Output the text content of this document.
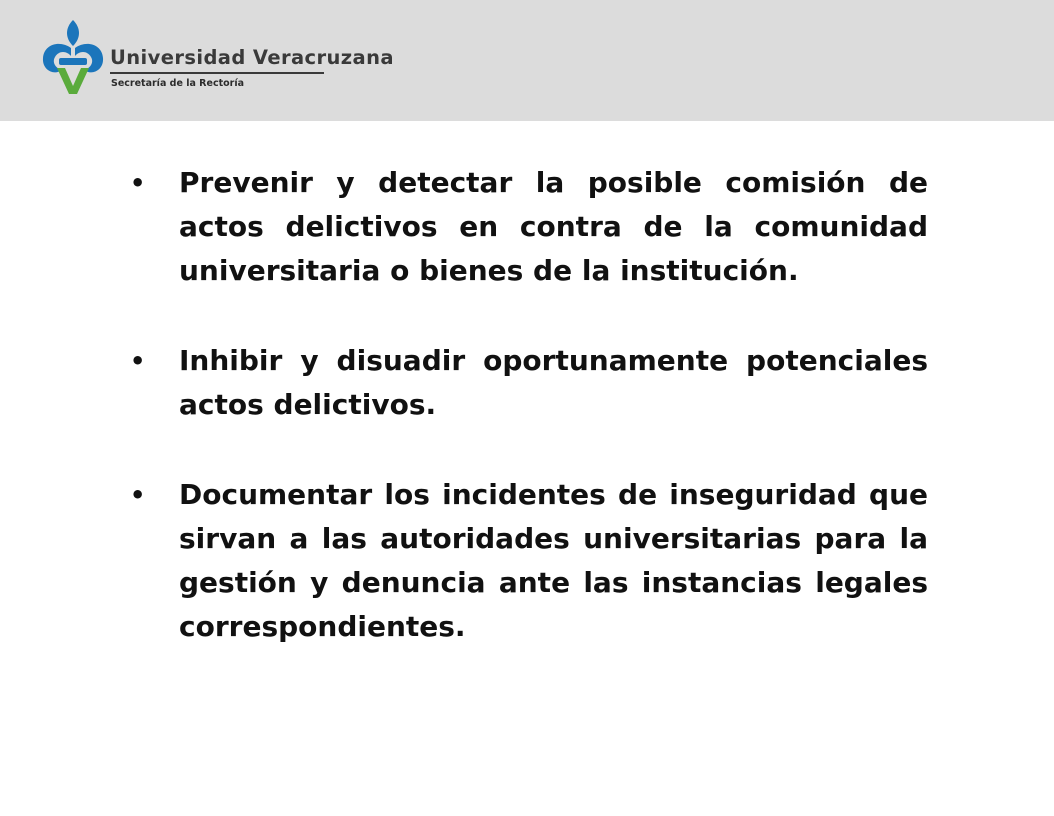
Universidad Veracruzana
Secretaría de la Rectoría
• Prevenir y detectar la posible comisión de actos delictivos en contra de la comunidad universitaria o bienes de la institución.
• Inhibir y disuadir oportunamente potenciales actos delictivos.
• Documentar los incidentes de inseguridad que sirvan a las autoridades universitarias para la gestión y denuncia ante las instancias legales correspondientes.
